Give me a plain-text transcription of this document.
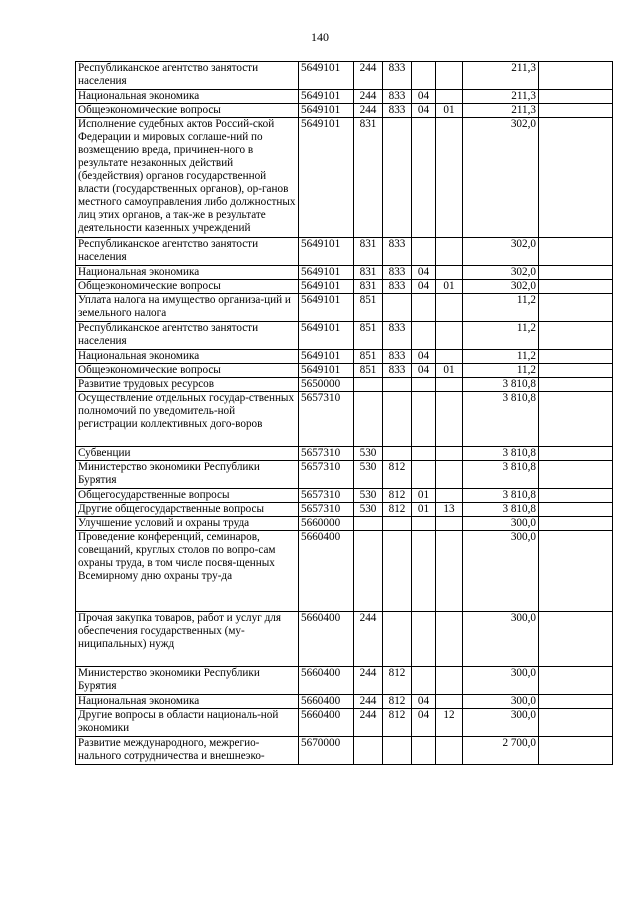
140
Республиканское агентство занятости населения	5649101	244	833			211,3	
Национальная экономика	5649101	244	833	04		211,3	
Общеэкономические вопросы	5649101	244	833	04	01	211,3	
Исполнение судебных актов Россий-ской Федерации и мировых соглаше-ний по возмещению вреда, причинен-ного в результате незаконных действий (бездействия) органов государственной власти (государственных органов), ор-ганов местного самоуправления либо должностных лиц этих органов, а так-же в результате деятельности казенных учреждений	5649101	831				302,0	
Республиканское агентство занятости населения	5649101	831	833			302,0	
Национальная экономика	5649101	831	833	04		302,0	
Общеэкономические вопросы	5649101	831	833	04	01	302,0	
Уплата налога на имущество организа-ций и земельного налога	5649101	851				11,2	
Республиканское агентство занятости населения	5649101	851	833			11,2	
Национальная экономика	5649101	851	833	04		11,2	
Общеэкономические вопросы	5649101	851	833	04	01	11,2	
Развитие трудовых ресурсов	5650000					3 810,8	
Осуществление отдельных государ-ственных полномочий по уведомитель-ной регистрации коллективных дого-воров	5657310					3 810,8	
Субвенции	5657310	530				3 810,8	
Министерство экономики Республики Бурятия	5657310	530	812			3 810,8	
Общегосударственные вопросы	5657310	530	812	01		3 810,8	
Другие общегосударственные вопросы	5657310	530	812	01	13	3 810,8	
Улучшение условий и охраны труда	5660000					300,0	
Проведение конференций, семинаров, совещаний, круглых столов по вопро-сам охраны труда, в том числе посвя-щенных Всемирному дню охраны тру-да	5660400					300,0	
Прочая закупка товаров, работ и услуг для обеспечения государственных (му-ниципальных) нужд	5660400	244				300,0	
Министерство экономики Республики Бурятия	5660400	244	812			300,0	
Национальная экономика	5660400	244	812	04		300,0	
Другие вопросы в области националь-ной экономики	5660400	244	812	04	12	300,0	
Развитие международного, межрегио-нального сотрудничества и внешнеэко-	5670000					2 700,0	
